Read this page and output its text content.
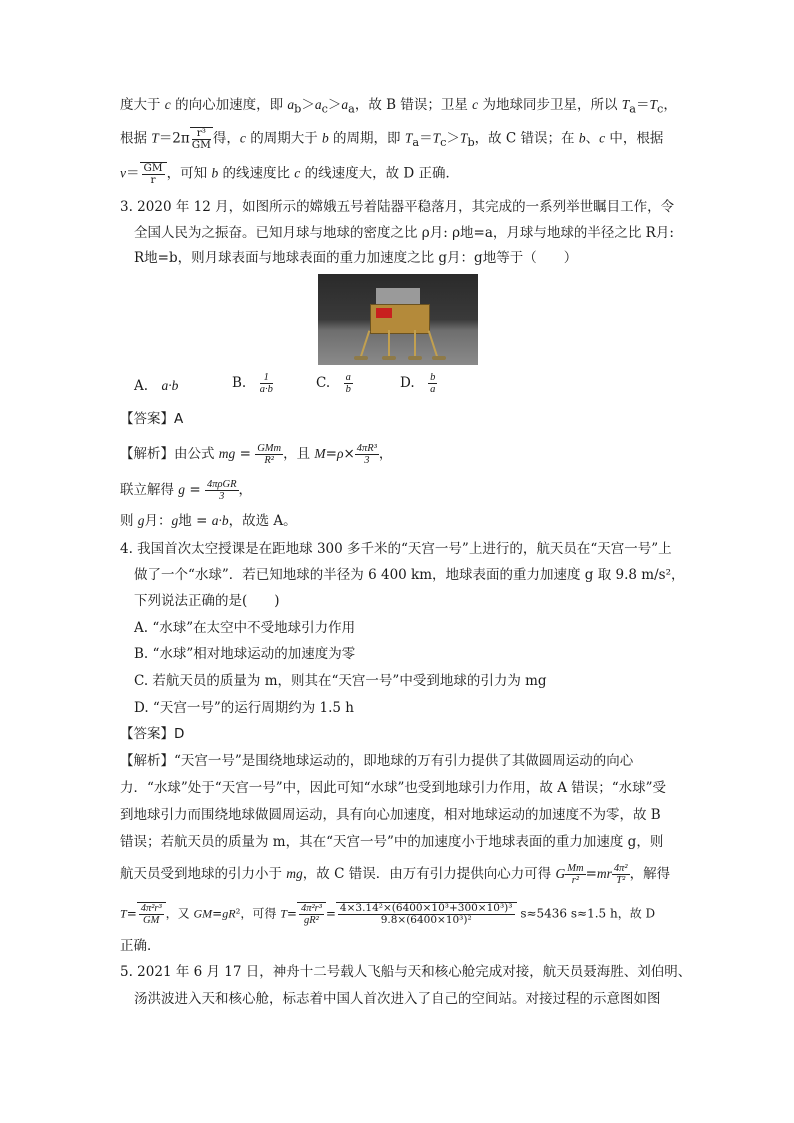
度大于 c 的向心加速度，即 $a_b>a_c>a_a$，故 B 错误；卫星 c 为地球同步卫星，所以 $T_a=T_c$，
根据 $T=2\pi \frac{\text{r³}}{GM}$ 得，c 的周期大于 b 的周期，即 $T_a=T_c>T_b$，故 C 错误；在 b、c 中，根据
$v= \frac{GM}{r}$ ，可知 b 的线速度比 c 的线速度大，故 D 正确．
3. 2020 年 12 月，如图所示的嫦娥五号着陆器平稳落月，其完成的一系列举世瞩目工作，令
全国人民为之振奋。已知月球与地球的密度之比 ρ月: ρ地=a，月球与地球的半径之比 R月:
R地=b，则月球表面与地球表面的重力加速度之比 g月：g地等于（　　）
A.　a·b	B.　 $\frac{1}{a\cdot b}$	C.　 $\frac{a}{b}$	D.　 $\frac{b}{a}$
【答案】A
【解析】由公式 mg = $\frac{\text{GMm}}{\text{R²}}$ ，且 $M=\rho\times \frac{\text{4πR³}}{3}$ ，
联立解得 $g = \frac{\text{4πρGR}}{3}$ ，
则 g月：g地 = a·b，故选 A。
4. 我国首次太空授课是在距地球 300 多千米的“天宫一号”上进行的，航天员在“天宫一号”上
做了一个“水球”．若已知地球的半径为 6 400 km，地球表面的重力加速度 g 取 9.8 m/s²，
下列说法正确的是(　　)
A. “水球”在太空中不受地球引力作用
B. “水球”相对地球运动的加速度为零
C. 若航天员的质量为 m，则其在“天宫一号”中受到地球的引力为 mg
D. “天宫一号”的运行周期约为 1.5 h
【答案】D
【解析】“天宫一号”是围绕地球运动的，即地球的万有引力提供了其做圆周运动的向心
力．“水球”处于“天宫一号”中，因此可知“水球”也受到地球引力作用，故 A 错误；“水球”受
到地球引力而围绕地球做圆周运动，具有向心加速度，相对地球运动的加速度不为零，故 B
错误；若航天员的质量为 m，其在“天宫一号”中的加速度小于地球表面的重力加速度 g，则
航天员受到地球的引力小于 mg，故 C 错误．由万有引力提供向心力可得 G $\frac{Mm}{\text{r²}} =mr \frac{\text{4π²}}{\text{T²}}$ ，解得
$T= \frac{\text{4π²r³}}{GM}$ ，又 GM=gR²，可得 $T= \frac{\text{4π²r³}}{\text{gR²}} = \frac{\text{4×3.14²×(6400×10³+300×10³)³}}{\text{9.8×(6400×10³)²}} s\approx 5436$ s≈1.5 h，故 D
正确．
5. 2021 年 6 月 17 日，神舟十二号载人飞船与天和核心舱完成对接，航天员聂海胜、刘伯明、
汤洪波进入天和核心舱，标志着中国人首次进入了自己的空间站。对接过程的示意图如图
